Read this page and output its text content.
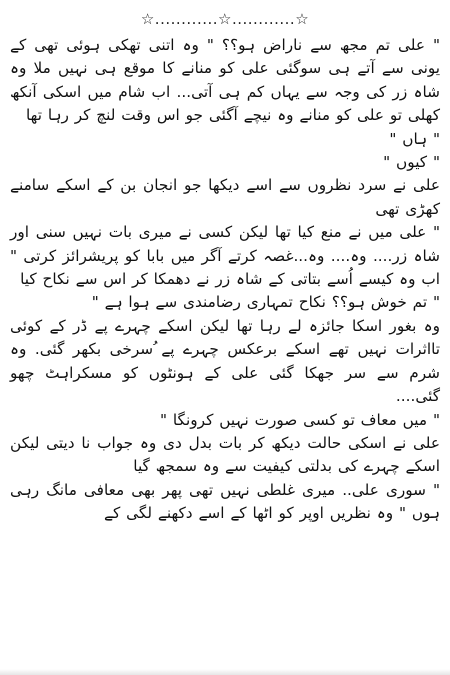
☆............☆............☆

" علی تم مجھ سے ناراض ہو؟؟ " وہ اتنی تھکی ہوئی تھی کے یونی سے آتے ہی سوگئی علی کو منانے کا موقع ہی نہیں ملا وہ شاہ زر کی وجہ سے یہاں کم ہی آتی... اب شام میں اسکی آنکھ کھلی تو علی کو منانے وہ نیچے آگئی جو اس وقت لنچ کر رہا تھا

" ہاں "

" کیوں "

علی نے سرد نظروں سے اسے دیکھا جو انجان بن کے اسکے سامنے کھڑی تھی

" علی میں نے منع کیا تھا لیکن کسی نے میری بات نہیں سنی اور شاہ زر.... وہ.... وہ...غصہ کرتے آگر میں بابا کو پریشرائز کرتی " اب وہ کیسے اُسے بتاتی کے شاہ زر نے دھمکا کر اس سے نکاح کیا

" تم خوش ہو؟؟ نکاح تمہاری رضامندی سے ہوا ہے "

وہ بغور اسکا جائزہ لے رہا تھا لیکن اسکے چہرے پے ڈر کے کوئی تااثرات نہیں تھے اسکے برعکس چہرے پے ُسرخی بکھر گئی. وہ شرم سے سر جھکا گئی علی کے ہونٹوں کو مسکراہٹ چھو گئی....

" میں معاف تو کسی صورت نہیں کرونگا "

علی نے اسکی حالت دیکھ کر بات بدل دی وہ جواب نا دیتی لیکن اسکے چہرے کی بدلتی کیفیت سے وہ سمجھ گیا

" سوری علی.. میری غلطی نہیں تھی پھر بھی معافی مانگ رہی ہوں " وہ نظریں اوپر کو اٹھا کے اسے دکھنے لگی کے
